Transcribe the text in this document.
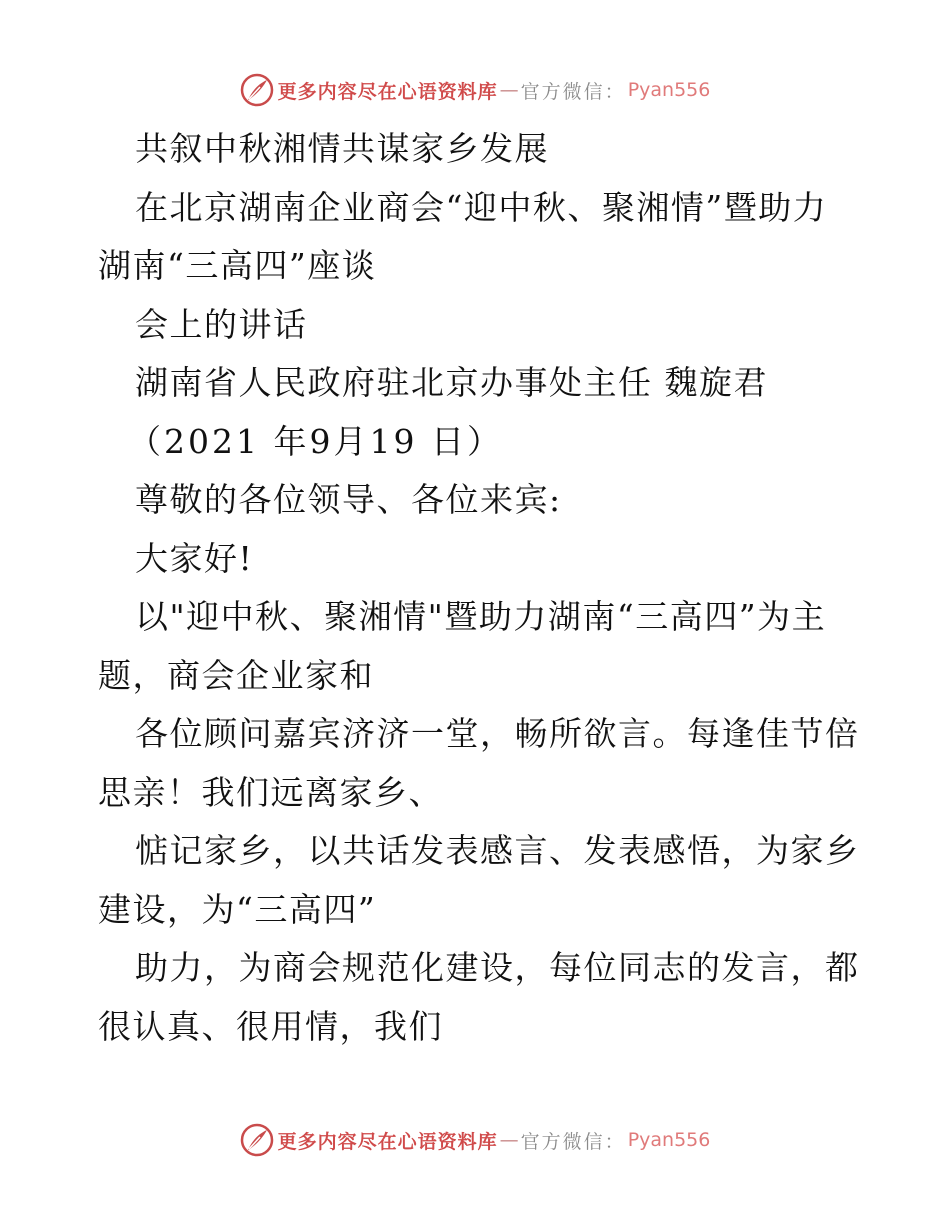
更多内容尽在心语资料库 — 官方微信： Pyan556
共叙中秋湘情共谋家乡发展
在北京湖南企业商会“迎中秋、聚湘情”暨助力
湖南“三高四”座谈
会上的讲话
湖南省人民政府驻北京办事处主任 魏旋君
（2021 年9月19 日）
尊敬的各位领导、各位来宾:
大家好!
以"迎中秋、聚湘情"暨助力湖南“三高四”为主
题，商会企业家和
各位顾问嘉宾济济一堂，畅所欲言。每逢佳节倍
思亲！我们远离家乡、
惦记家乡，以共话发表感言、发表感悟，为家乡
建设，为“三高四”
助力，为商会规范化建设，每位同志的发言，都
很认真、很用情，我们
更多内容尽在心语资料库 — 官方微信： Pyan556
